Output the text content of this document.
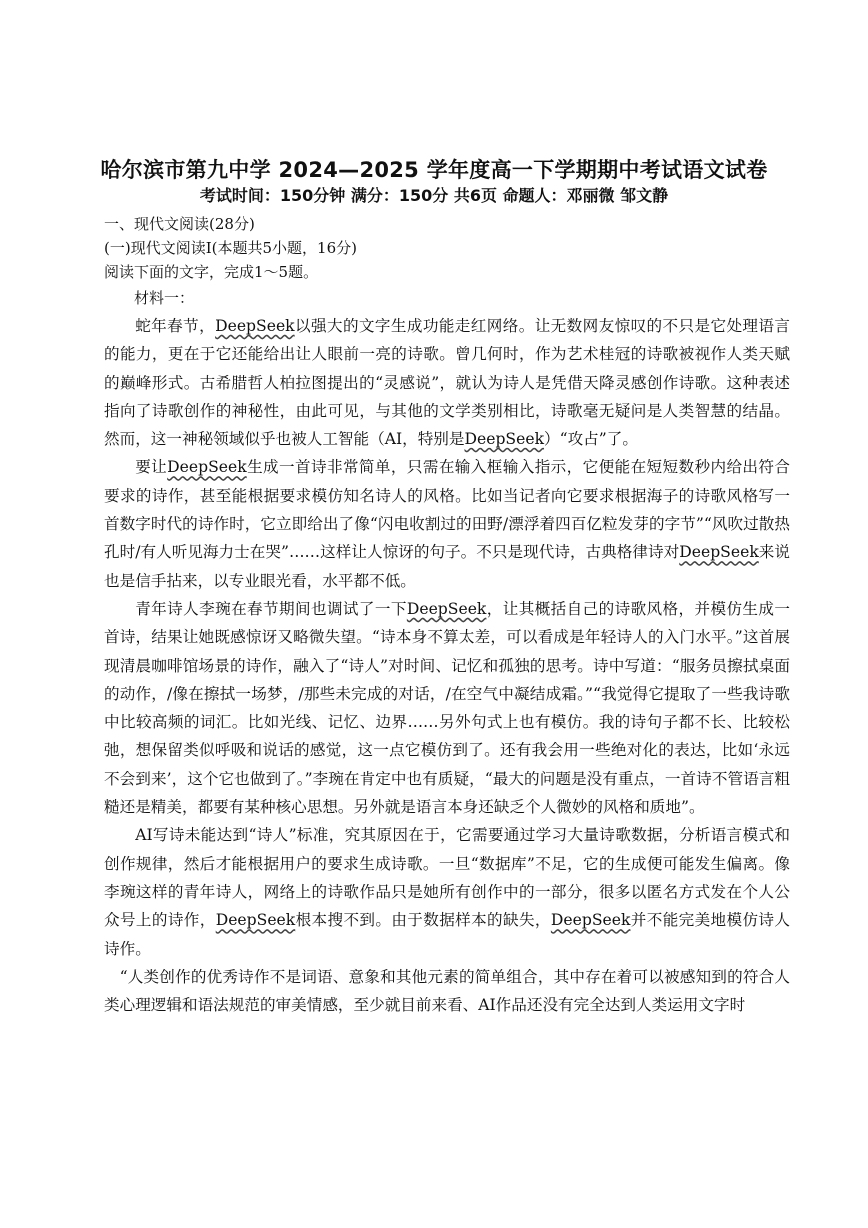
哈尔滨市第九中学 2024—2025 学年度高一下学期期中考试语文试卷
考试时间：150分钟 满分：150分 共6页 命题人：邓丽微 邹文静
一、现代文阅读(28分)
(一)现代文阅读Ⅰ(本题共5小题，16分)
阅读下面的文字，完成1～5题。
材料一：

蛇年春节，DeepSeek以强大的文字生成功能走红网络。让无数网友惊叹的不只是它处理语言的能力，更在于它还能给出让人眼前一亮的诗歌。曾几何时，作为艺术桂冠的诗歌被视作人类天赋的巅峰形式。古希腊哲人柏拉图提出的“灵感说”，就认为诗人是凭借天降灵感创作诗歌。这种表述指向了诗歌创作的神秘性，由此可见，与其他的文学类别相比，诗歌毫无疑问是人类智慧的结晶。然而，这一神秘领域似乎也被人工智能（AI，特别是DeepSeek）“攻占”了。

要让DeepSeek生成一首诗非常简单，只需在输入框输入指示，它便能在短短数秒内给出符合要求的诗作，甚至能根据要求模仿知名诗人的风格。比如当记者向它要求根据海子的诗歌风格写一首数字时代的诗作时，它立即给出了像“闪电收割过的田野/漂浮着四百亿粒发芽的字节”“风吹过散热孔时/有人听见海力士在哭”……这样让人惊讶的句子。不只是现代诗，古典格律诗对DeepSeek来说也是信手拈来，以专业眼光看，水平都不低。

青年诗人李琬在春节期间也调试了一下DeepSeek，让其概括自己的诗歌风格，并模仿生成一首诗，结果让她既感惊讶又略微失望。“诗本身不算太差，可以看成是年轻诗人的入门水平。”这首展现清晨咖啡馆场景的诗作，融入了“诗人”对时间、记忆和孤独的思考。诗中写道：“服务员擦拭桌面的动作，/像在擦拭一场梦，/那些未完成的对话，/在空气中凝结成霜。”“我觉得它提取了一些我诗歌中比较高频的词汇。比如光线、记忆、边界……另外句式上也有模仿。我的诗句子都不长、比较松弛，想保留类似呼吸和说话的感觉，这一点它模仿到了。还有我会用一些绝对化的表达，比如‘永远不会到来’，这个它也做到了。”李琬在肯定中也有质疑，“最大的问题是没有重点，一首诗不管语言粗糙还是精美，都要有某种核心思想。另外就是语言本身还缺乏个人微妙的风格和质地”。

AI写诗未能达到“诗人”标准，究其原因在于，它需要通过学习大量诗歌数据，分析语言模式和创作规律，然后才能根据用户的要求生成诗歌。一旦“数据库”不足，它的生成便可能发生偏离。像李琬这样的青年诗人，网络上的诗歌作品只是她所有创作中的一部分，很多以匿名方式发在个人公众号上的诗作，DeepSeek根本搜不到。由于数据样本的缺失，DeepSeek并不能完美地模仿诗人诗作。

“人类创作的优秀诗作不是词语、意象和其他元素的简单组合，其中存在着可以被感知到的符合人类心理逻辑和语法规范的审美情感，至少就目前来看、AI作品还没有完全达到人类运用文字时
